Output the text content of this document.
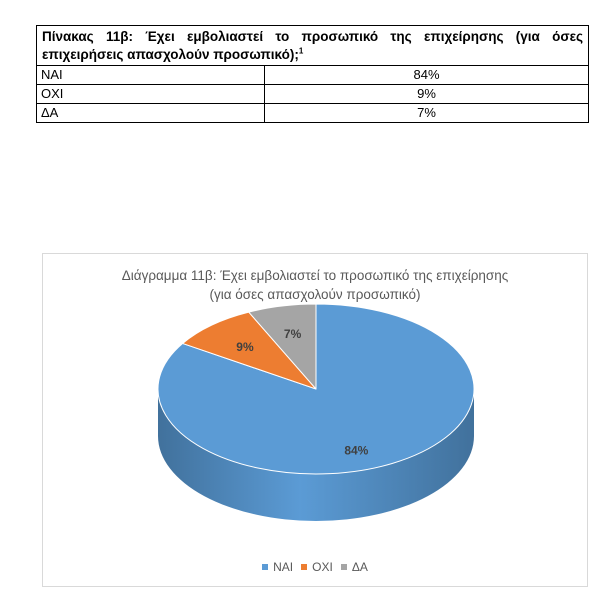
Πίνακας 11β: Έχει εμβολιαστεί το προσωπικό της επιχείρησης (για όσες επιχειρήσεις απασχολούν προσωπικό);$^1$
ΝΑΙ	84%
ΟΧΙ	9%
ΔΑ	7%
Διάγραμμα 11β: Έχει εμβολιαστεί το προσωπικό της επιχείρησης
(για όσες απασχολούν προσωπικό)
84%
9%
7%
ΝΑΙ ΟΧΙ ΔΑ
